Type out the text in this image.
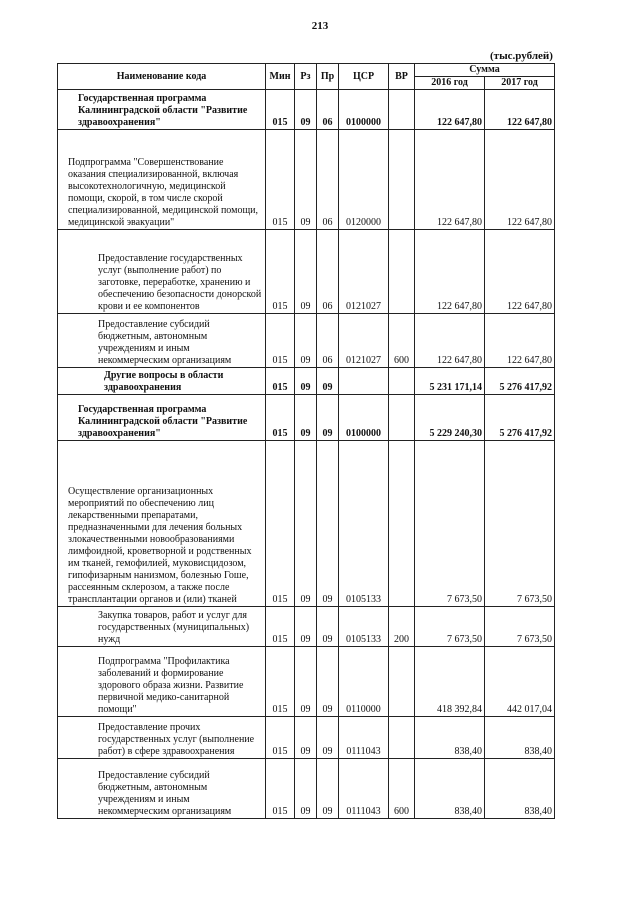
213
(тыс.рублей)
Наименование кода	Мин	Рз	Пр	ЦСР	ВР	Сумма	
						2016 год	2017 год
Государственная программа Калининградской области "Развитие здравоохранения"	015	09	06	0100000		122 647,80	122 647,80
Подпрограмма "Совершенствование оказания специализированной, включая высокотехнологичную, медицинской помощи, скорой, в том числе скорой специализированной, медицинской помощи, медицинской эвакуации"	015	09	06	0120000		122 647,80	122 647,80
Предоставление государственных услуг (выполнение работ) по заготовке, переработке, хранению и обеспечению безопасности донорской крови и ее компонентов	015	09	06	0121027		122 647,80	122 647,80
Предоставление субсидий бюджетным, автономным учреждениям и иным некоммерческим организациям	015	09	06	0121027	600	122 647,80	122 647,80
Другие вопросы в области здравоохранения	015	09	09			5 231 171,14	5 276 417,92
Государственная программа Калининградской области "Развитие здравоохранения"	015	09	09	0100000		5 229 240,30	5 276 417,92
Осуществление организационных мероприятий по обеспечению лиц лекарственными препаратами, предназначенными для лечения больных злокачественными новообразованиями лимфоидной, кроветворной и родственных им тканей, гемофилией, муковисцидозом, гипофизарным нанизмом, болезнью Гоше, рассеянным склерозом, а также после трансплантации органов и (или) тканей	015	09	09	0105133		7 673,50	7 673,50
Закупка товаров, работ и услуг для государственных (муниципальных) нужд	015	09	09	0105133	200	7 673,50	7 673,50
Подпрограмма "Профилактика заболеваний и формирование здорового образа жизни. Развитие первичной медико-санитарной помощи"	015	09	09	0110000		418 392,84	442 017,04
Предоставление прочих государственных услуг (выполнение работ) в сфере здравоохранения	015	09	09	0111043		838,40	838,40
Предоставление субсидий бюджетным, автономным учреждениям и иным некоммерческим организациям	015	09	09	0111043	600	838,40	838,40
